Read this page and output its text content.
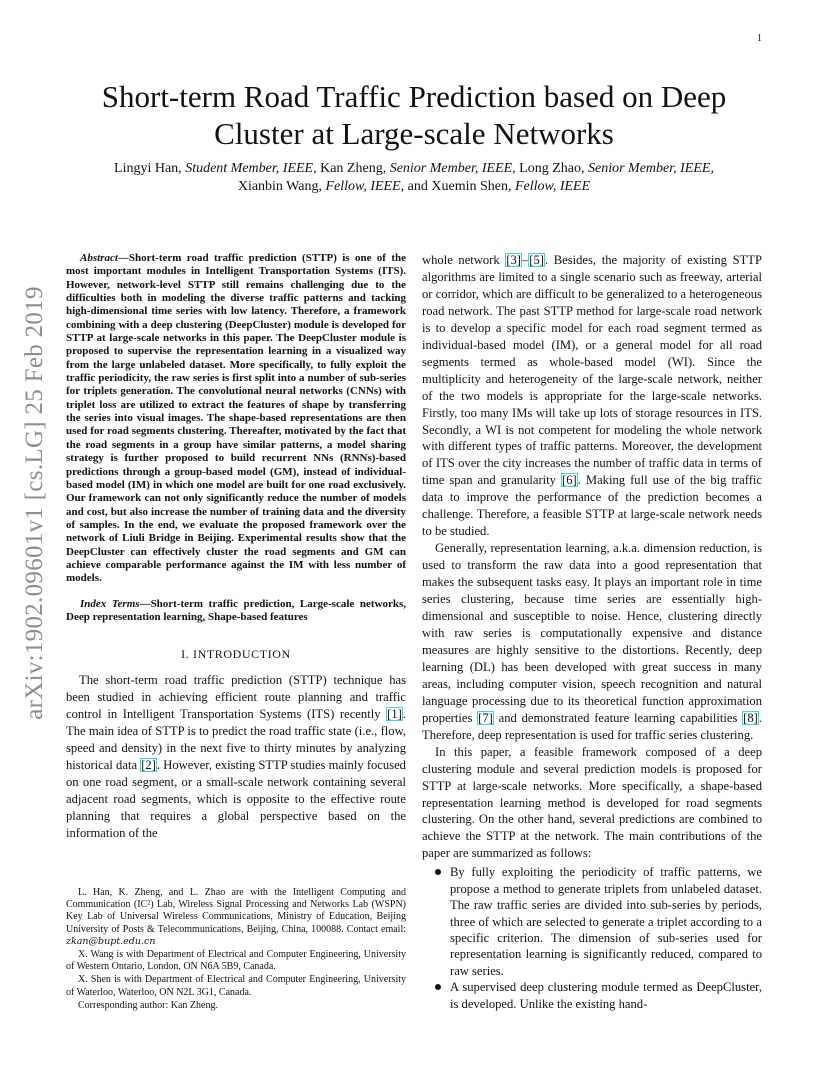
1
arXiv:1902.09601v1 [cs.LG] 25 Feb 2019
Short-term Road Traffic Prediction based on Deep
Cluster at Large-scale Networks

Lingyi Han, Student Member, IEEE, Kan Zheng, Senior Member, IEEE, Long Zhao, Senior Member, IEEE,
Xianbin Wang, Fellow, IEEE, and Xuemin Shen, Fellow, IEEE

Abstract—Short-term road traffic prediction (STTP) is one of the most important modules in Intelligent Transportation Systems (ITS). However, network-level STTP still remains challenging due to the difficulties both in modeling the diverse traffic patterns and tacking high-dimensional time series with low latency. Therefore, a framework combining with a deep clustering (DeepCluster) module is developed for STTP at large-scale networks in this paper. The DeepCluster module is proposed to supervise the representation learning in a visualized way from the large unlabeled dataset. More specifically, to fully exploit the traffic periodicity, the raw series is first split into a number of sub-series for triplets generation. The convolutional neural networks (CNNs) with triplet loss are utilized to extract the features of shape by transferring the series into visual images. The shape-based representations are then used for road segments clustering. Thereafter, motivated by the fact that the road segments in a group have similar patterns, a model sharing strategy is further proposed to build recurrent NNs (RNNs)-based predictions through a group-based model (GM), instead of individual-based model (IM) in which one model are built for one road exclusively. Our framework can not only significantly reduce the number of models and cost, but also increase the number of training data and the diversity of samples. In the end, we evaluate the proposed framework over the network of Liuli Bridge in Beijing. Experimental results show that the DeepCluster can effectively cluster the road segments and GM can achieve comparable performance against the IM with less number of models.

Index Terms—Short-term traffic prediction, Large-scale networks, Deep representation learning, Shape-based features

I. INTRODUCTION

The short-term road traffic prediction (STTP) technique has been studied in achieving efficient route planning and traffic control in Intelligent Transportation Systems (ITS) recently [1]. The main idea of STTP is to predict the road traffic state (i.e., flow, speed and density) in the next five to thirty minutes by analyzing historical data [2]. However, existing STTP studies mainly focused on one road segment, or a small-scale network containing several adjacent road segments, which is opposite to the effective route planning that requires a global perspective based on the information of the

L. Han, K. Zheng, and L. Zhao are with the Intelligent Computing and Communication (IC²) Lab, Wireless Signal Processing and Networks Lab (WSPN) Key Lab of Universal Wireless Communications, Ministry of Education, Beijing University of Posts & Telecommunications, Beijing, China, 100088. Contact email: zkan@bupt.edu.cn

X. Wang is with Department of Electrical and Computer Engineering, University of Western Ontario, London, ON N6A 5B9, Canada.

X. Shen is with Department of Electrical and Computer Engineering, University of Waterloo, Waterloo, ON N2L 3G1, Canada.

Corresponding author: Kan Zheng.

whole network [3]–[5]. Besides, the majority of existing STTP algorithms are limited to a single scenario such as freeway, arterial or corridor, which are difficult to be generalized to a heterogeneous road network. The past STTP method for large-scale road network is to develop a specific model for each road segment termed as individual-based model (IM), or a general model for all road segments termed as whole-based model (WI). Since the multiplicity and heterogeneity of the large-scale network, neither of the two models is appropriate for the large-scale networks. Firstly, too many IMs will take up lots of storage resources in ITS. Secondly, a WI is not competent for modeling the whole network with different types of traffic patterns. Moreover, the development of ITS over the city increases the number of traffic data in terms of time span and granularity [6]. Making full use of the big traffic data to improve the performance of the prediction becomes a challenge. Therefore, a feasible STTP at large-scale network needs to be studied.

Generally, representation learning, a.k.a. dimension reduction, is used to transform the raw data into a good representation that makes the subsequent tasks easy. It plays an important role in time series clustering, because time series are essentially high-dimensional and susceptible to noise. Hence, clustering directly with raw series is computationally expensive and distance measures are highly sensitive to the distortions. Recently, deep learning (DL) has been developed with great success in many areas, including computer vision, speech recognition and natural language processing due to its theoretical function approximation properties [7] and demonstrated feature learning capabilities [8]. Therefore, deep representation is used for traffic series clustering.

In this paper, a feasible framework composed of a deep clustering module and several prediction models is proposed for STTP at large-scale networks. More specifically, a shape-based representation learning method is developed for road segments clustering. On the other hand, several predictions are combined to achieve the STTP at the network. The main contributions of the paper are summarized as follows:

By fully exploiting the periodicity of traffic patterns, we propose a method to generate triplets from unlabeled dataset. The raw traffic series are divided into sub-series by periods, three of which are selected to generate a triplet according to a specific criterion. The dimension of sub-series used for representation learning is significantly reduced, compared to raw series.
A supervised deep clustering module termed as DeepCluster, is developed. Unlike the existing hand-
